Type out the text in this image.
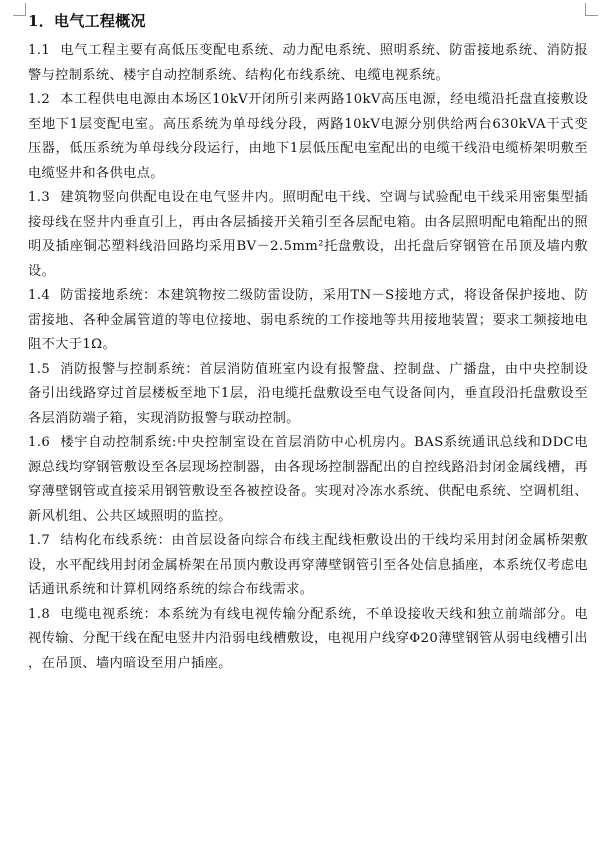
1．电气工程概况

1.1 电气工程主要有高低压变配电系统、动力配电系统、照明系统、防雷接地系统、消防报警与控制系统、楼宇自动控制系统、结构化布线系统、电缆电视系统。

1.2 本工程供电电源由本场区10kV开闭所引来两路10kV高压电源，经电缆沿托盘直接敷设至地下1层变配电室。高压系统为单母线分段，两路10kV电源分别供给两台630kVA干式变压器，低压系统为单母线分段运行，由地下1层低压配电室配出的电缆干线沿电缆桥架明敷至电缆竖井和各供电点。

1.3 建筑物竖向供配电设在电气竖井内。照明配电干线、空调与试验配电干线采用密集型插接母线在竖井内垂直引上，再由各层插接开关箱引至各层配电箱。由各层照明配电箱配出的照明及插座铜芯塑料线沿回路均采用BV－2.5mm²托盘敷设，出托盘后穿钢管在吊顶及墙内敷设。

1.4 防雷接地系统：本建筑物按二级防雷设防，采用TN－S接地方式，将设备保护接地、防雷接地、各种金属管道的等电位接地、弱电系统的工作接地等共用接地装置；要求工频接地电阻不大于1Ω。

1.5 消防报警与控制系统：首层消防值班室内设有报警盘、控制盘、广播盘，由中央控制设备引出线路穿过首层楼板至地下1层，沿电缆托盘敷设至电气设备间内，垂直段沿托盘敷设至各层消防端子箱，实现消防报警与联动控制。

1.6 楼宇自动控制系统:中央控制室设在首层消防中心机房内。BAS系统通讯总线和DDC电源总线均穿钢管敷设至各层现场控制器，由各现场控制器配出的自控线路沿封闭金属线槽，再穿薄壁钢管或直接采用钢管敷设至各被控设备。实现对冷冻水系统、供配电系统、空调机组、新风机组、公共区域照明的监控。

1.7 结构化布线系统：由首层设备向综合布线主配线柜敷设出的干线均采用封闭金属桥架敷设，水平配线用封闭金属桥架在吊顶内敷设再穿薄壁钢管引至各处信息插座，本系统仅考虑电话通讯系统和计算机网络系统的综合布线需求。

1.8 电缆电视系统：本系统为有线电视传输分配系统，不单设接收天线和独立前端部分。电视传输、分配干线在配电竖井内沿弱电线槽敷设，电视用户线穿Φ20薄壁钢管从弱电线槽引出，在吊顶、墙内暗设至用户插座。
